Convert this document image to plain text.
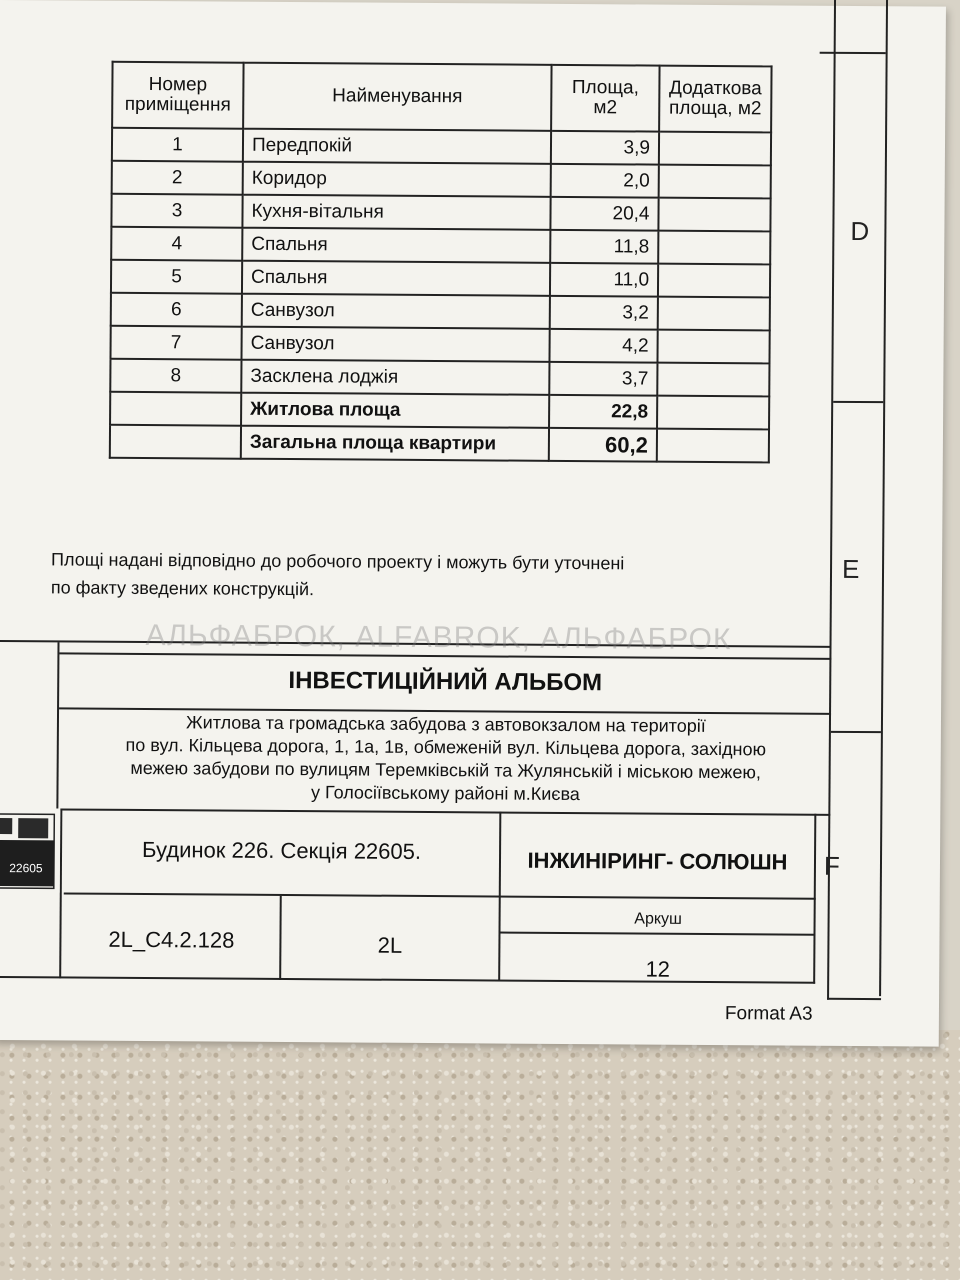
D
E
F
Номер приміщення	Найменування	Площа, м2	Додаткова площа, м2
1	Передпокій	3,9	
2	Коридор	2,0	
3	Кухня-вітальня	20,4	
4	Спальня	11,8	
5	Спальня	11,0	
6	Санвузол	3,2	
7	Санвузол	4,2	
8	Засклена лоджія	3,7	
	Житлова площа	22,8	
	Загальна площа квартири	60,2	
Площі надані відповідно до робочого проекту і можуть бути уточнені
по факту зведених конструкцій.
ІНВЕСТИЦІЙНИЙ АЛЬБОМ
Житлова та громадська забудова з автовокзалом на території
по вул. Кільцева дорога, 1, 1а, 1в, обмеженій вул. Кільцева дорога, західною
межею забудови по вулицям Теремківській та Жулянській і міською межею,
у Голосіївському районі м.Києва
Будинок 226. Секція 22605.	ІНЖИНІРИНГ- СОЛЮШН
2L_C4.2.128	2L
Аркуш
12
Format A3
22605
АЛЬФАБРОК, ALFABROK, АЛЬФАБРОК
